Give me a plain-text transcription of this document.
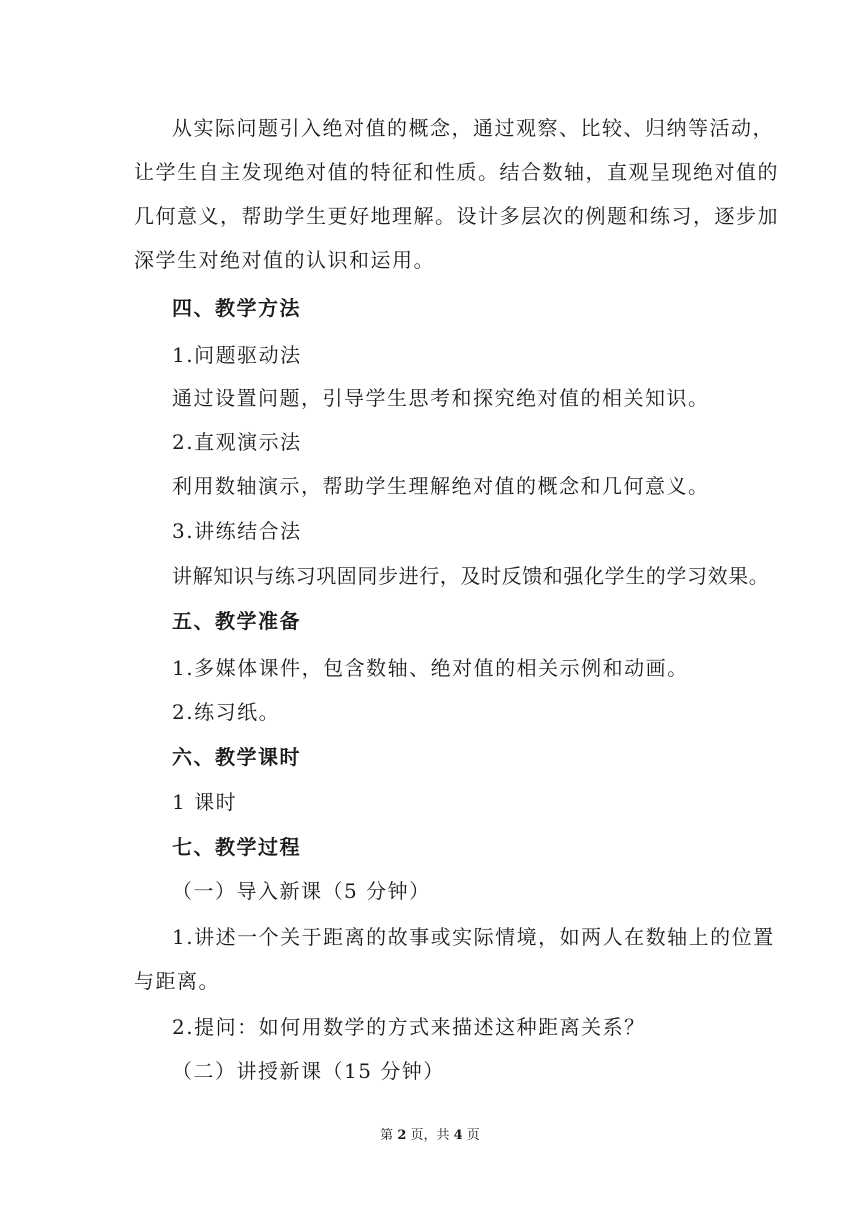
从实际问题引入绝对值的概念，通过观察、比较、归纳等活动，
让学生自主发现绝对值的特征和性质。结合数轴，直观呈现绝对值的
几何意义，帮助学生更好地理解。设计多层次的例题和练习，逐步加
深学生对绝对值的认识和运用。
四、教学方法
1.问题驱动法
通过设置问题，引导学生思考和探究绝对值的相关知识。
2.直观演示法
利用数轴演示，帮助学生理解绝对值的概念和几何意义。
3.讲练结合法
讲解知识与练习巩固同步进行，及时反馈和强化学生的学习效果。
五、教学准备
1.多媒体课件，包含数轴、绝对值的相关示例和动画。
2.练习纸。
六、教学课时
1 课时
七、教学过程
（一）导入新课（5 分钟）
1.讲述一个关于距离的故事或实际情境，如两人在数轴上的位置
与距离。
2.提问：如何用数学的方式来描述这种距离关系？
（二）讲授新课（15 分钟）
第 2 页，共 4 页
